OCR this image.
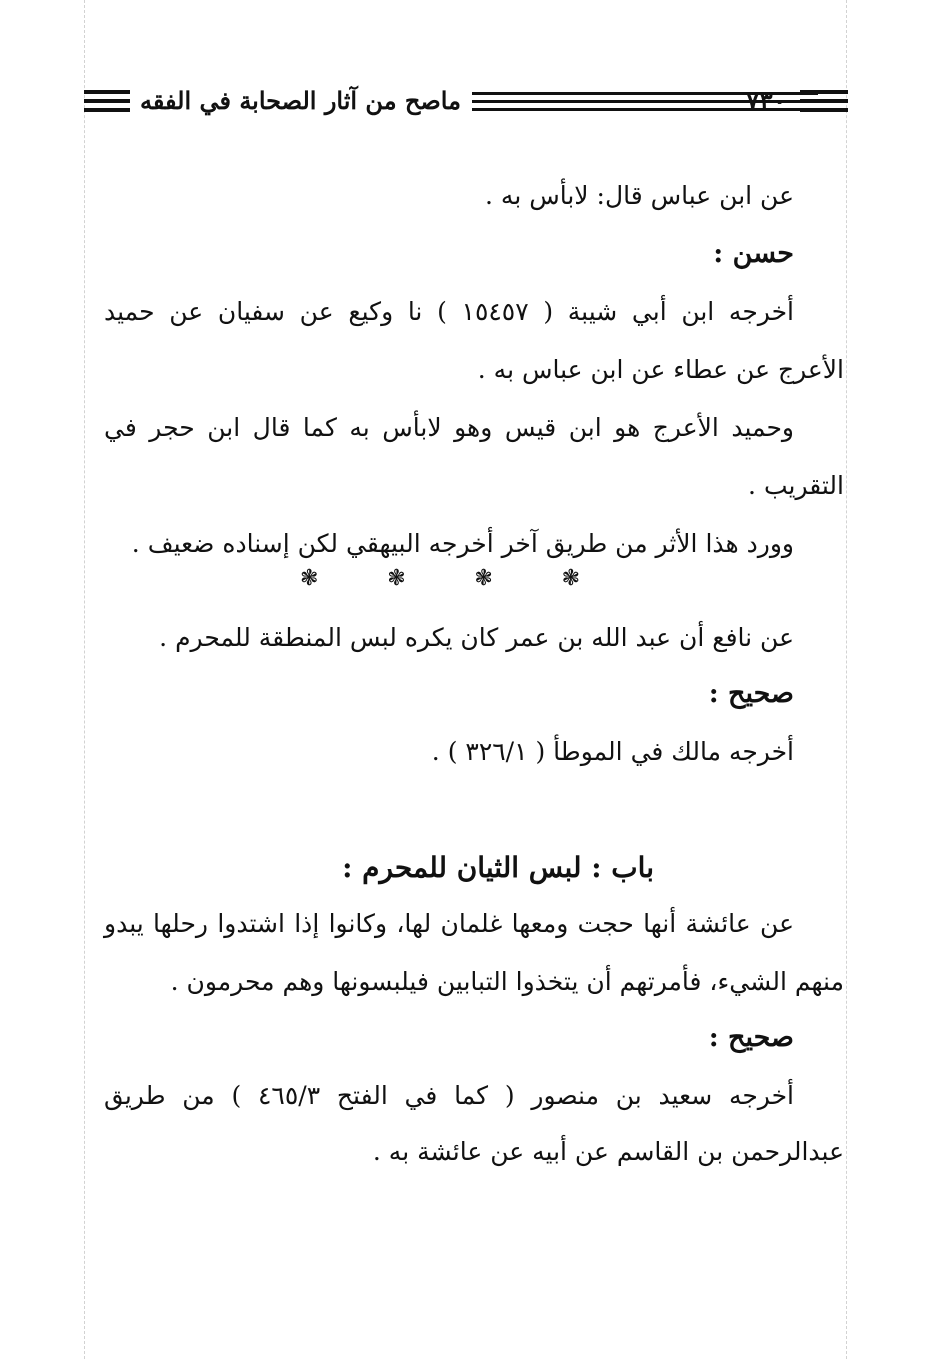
ماصح من آثار الصحابة في الفقه	٧٣٠
عن ابن عباس قال: لابأس به .
حسن :
أخرجه ابن أبي شيبة ( ١٥٤٥٧ ) نا وكيع عن سفيان عن حميد
الأعرج عن عطاء عن ابن عباس به .
وحميد الأعرج هو ابن قيس وهو لابأس به كما قال ابن حجر في
التقريب .
وورد هذا الأثر من طريق آخر أخرجه البيهقي لكن إسناده ضعيف .
❃	❃	❃	❃
عن نافع أن عبد الله بن عمر كان يكره لبس المنطقة للمحرم .
صحيح :
أخرجه مالك في الموطأ ( ٣٢٦/١ ) .
باب : لبس الثيان للمحرم :
عن عائشة أنها حجت ومعها غلمان لها، وكانوا إذا اشتدوا رحلها يبدو
منهم الشيء، فأمرتهم أن يتخذوا التبابين فيلبسونها وهم محرمون .
صحيح :
أخرجه سعيد بن منصور ( كما في الفتح ٤٦٥/٣ ) من طريق
عبدالرحمن بن القاسم عن أبيه عن عائشة به .
